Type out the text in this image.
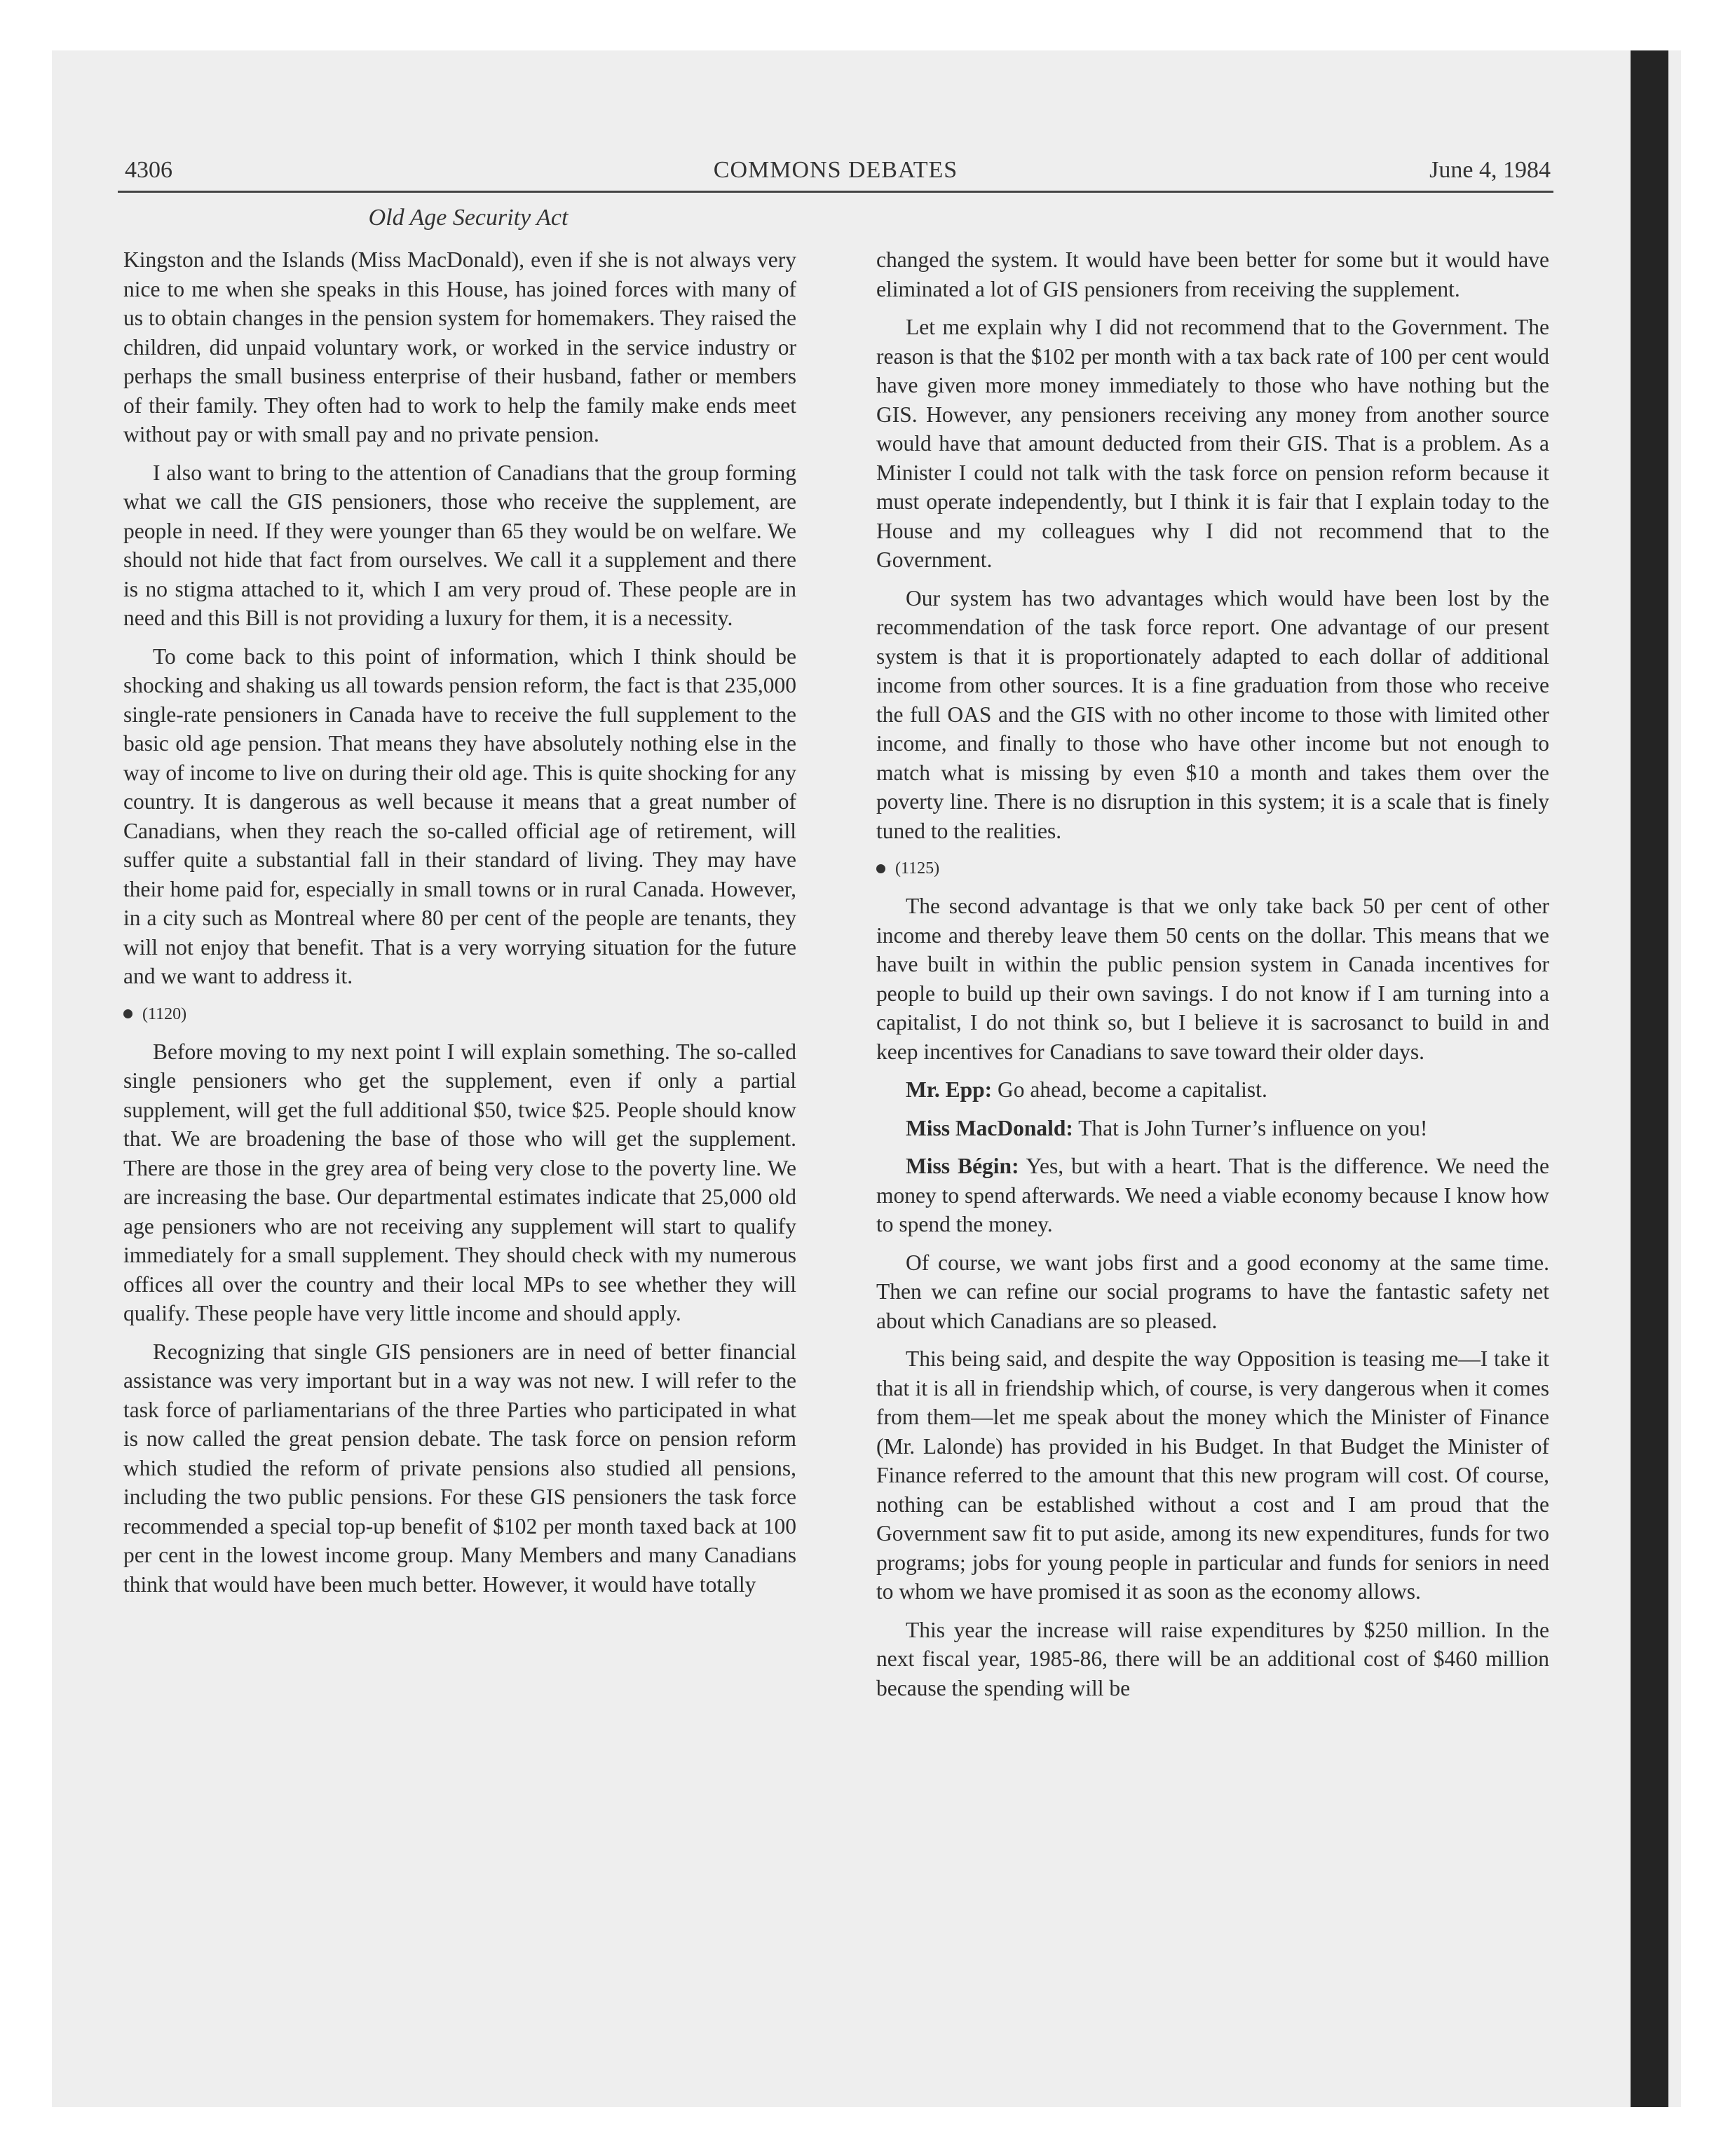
4306	COMMONS DEBATES	June 4, 1984
Old Age Security Act

Kingston and the Islands (Miss MacDonald), even if she is not always very nice to me when she speaks in this House, has joined forces with many of us to obtain changes in the pension system for homemakers. They raised the children, did unpaid voluntary work, or worked in the service industry or perhaps the small business enterprise of their husband, father or members of their family. They often had to work to help the family make ends meet without pay or with small pay and no private pension.

I also want to bring to the attention of Canadians that the group forming what we call the GIS pensioners, those who receive the supplement, are people in need. If they were younger than 65 they would be on welfare. We should not hide that fact from ourselves. We call it a supplement and there is no stigma attached to it, which I am very proud of. These people are in need and this Bill is not providing a luxury for them, it is a necessity.

To come back to this point of information, which I think should be shocking and shaking us all towards pension reform, the fact is that 235,000 single-rate pensioners in Canada have to receive the full supplement to the basic old age pension. That means they have absolutely nothing else in the way of income to live on during their old age. This is quite shocking for any country. It is dangerous as well because it means that a great number of Canadians, when they reach the so-called official age of retirement, will suffer quite a substantial fall in their standard of living. They may have their home paid for, especially in small towns or in rural Canada. However, in a city such as Montreal where 80 per cent of the people are tenants, they will not enjoy that benefit. That is a very worrying situation for the future and we want to address it.

(1120)

Before moving to my next point I will explain something. The so-called single pensioners who get the supplement, even if only a partial supplement, will get the full additional $50, twice $25. People should know that. We are broadening the base of those who will get the supplement. There are those in the grey area of being very close to the poverty line. We are increasing the base. Our departmental estimates indicate that 25,000 old age pensioners who are not receiving any supplement will start to qualify immediately for a small supplement. They should check with my numerous offices all over the country and their local MPs to see whether they will qualify. These people have very little income and should apply.

Recognizing that single GIS pensioners are in need of better financial assistance was very important but in a way was not new. I will refer to the task force of parliamentarians of the three Parties who participated in what is now called the great pension debate. The task force on pension reform which studied the reform of private pensions also studied all pensions, including the two public pensions. For these GIS pensioners the task force recommended a special top-up benefit of $102 per month taxed back at 100 per cent in the lowest income group. Many Members and many Canadians think that would have been much better. However, it would have totally

changed the system. It would have been better for some but it would have eliminated a lot of GIS pensioners from receiving the supplement.

Let me explain why I did not recommend that to the Government. The reason is that the $102 per month with a tax back rate of 100 per cent would have given more money immediately to those who have nothing but the GIS. However, any pensioners receiving any money from another source would have that amount deducted from their GIS. That is a problem. As a Minister I could not talk with the task force on pension reform because it must operate independently, but I think it is fair that I explain today to the House and my colleagues why I did not recommend that to the Government.

Our system has two advantages which would have been lost by the recommendation of the task force report. One advantage of our present system is that it is proportionately adapted to each dollar of additional income from other sources. It is a fine graduation from those who receive the full OAS and the GIS with no other income to those with limited other income, and finally to those who have other income but not enough to match what is missing by even $10 a month and takes them over the poverty line. There is no disruption in this system; it is a scale that is finely tuned to the realities.

(1125)

The second advantage is that we only take back 50 per cent of other income and thereby leave them 50 cents on the dollar. This means that we have built in within the public pension system in Canada incentives for people to build up their own savings. I do not know if I am turning into a capitalist, I do not think so, but I believe it is sacrosanct to build in and keep incentives for Canadians to save toward their older days.

Mr. Epp: Go ahead, become a capitalist.

Miss MacDonald: That is John Turner’s influence on you!

Miss Bégin: Yes, but with a heart. That is the difference. We need the money to spend afterwards. We need a viable economy because I know how to spend the money.

Of course, we want jobs first and a good economy at the same time. Then we can refine our social programs to have the fantastic safety net about which Canadians are so pleased.

This being said, and despite the way Opposition is teasing me—I take it that it is all in friendship which, of course, is very dangerous when it comes from them—let me speak about the money which the Minister of Finance (Mr. Lalonde) has provided in his Budget. In that Budget the Minister of Finance referred to the amount that this new program will cost. Of course, nothing can be established without a cost and I am proud that the Government saw fit to put aside, among its new expenditures, funds for two programs; jobs for young people in particular and funds for seniors in need to whom we have promised it as soon as the economy allows.

This year the increase will raise expenditures by $250 million. In the next fiscal year, 1985-86, there will be an additional cost of $460 million because the spending will be
